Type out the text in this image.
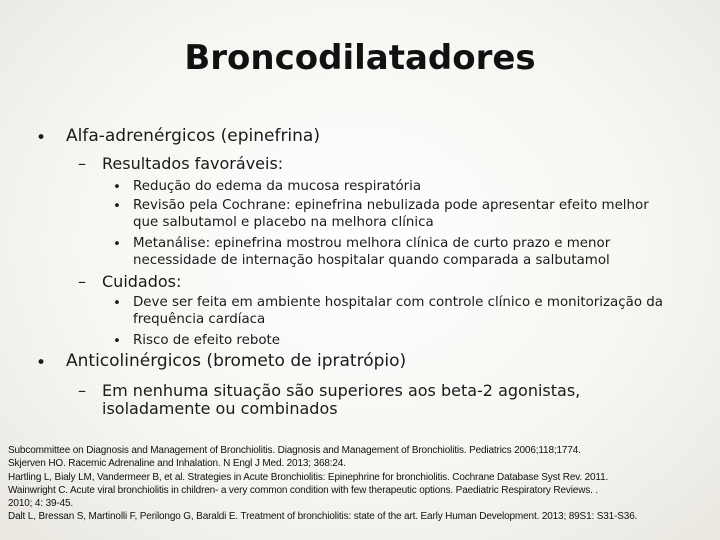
Broncodilatadores
• Alfa-adrenérgicos (epinefrina)
– Resultados favoráveis:
• Redução do edema da mucosa respiratória
• Revisão pela Cochrane: epinefrina nebulizada pode apresentar efeito melhor
que salbutamol e placebo na melhora clínica
• Metanálise: epinefrina mostrou melhora clínica de curto prazo e menor
necessidade de internação hospitalar quando comparada a salbutamol
– Cuidados:
• Deve ser feita em ambiente hospitalar com controle clínico e monitorização da
frequência cardíaca
• Risco de efeito rebote
• Anticolinérgicos (brometo de ipratrópio)
– Em nenhuma situação são superiores aos beta-2 agonistas,
isoladamente ou combinados
Subcommittee on Diagnosis and Management of Bronchiolitis. Diagnosis and Management of Bronchiolitis. Pediatrics 2006;118;1774.
Skjerven HO. Racemic Adrenaline and Inhalation. N Engl J Med. 2013; 368:24.
Hartling L, Bialy LM, Vandermeer B, et al. Strategies in Acute Bronchiolitis: Epinephrine for bronchiolitis. Cochrane Database Syst Rev. 2011.
Wainwright C. Acute viral bronchiolitis in children- a very common condition with few therapeutic options. Paediatric Respiratory Reviews. .
2010; 4: 39-45.
Dalt L, Bressan S, Martinolli F, Perilongo G, Baraldi E. Treatment of bronchiolitis: state of the art. Early Human Development. 2013; 89S1: S31-S36.
